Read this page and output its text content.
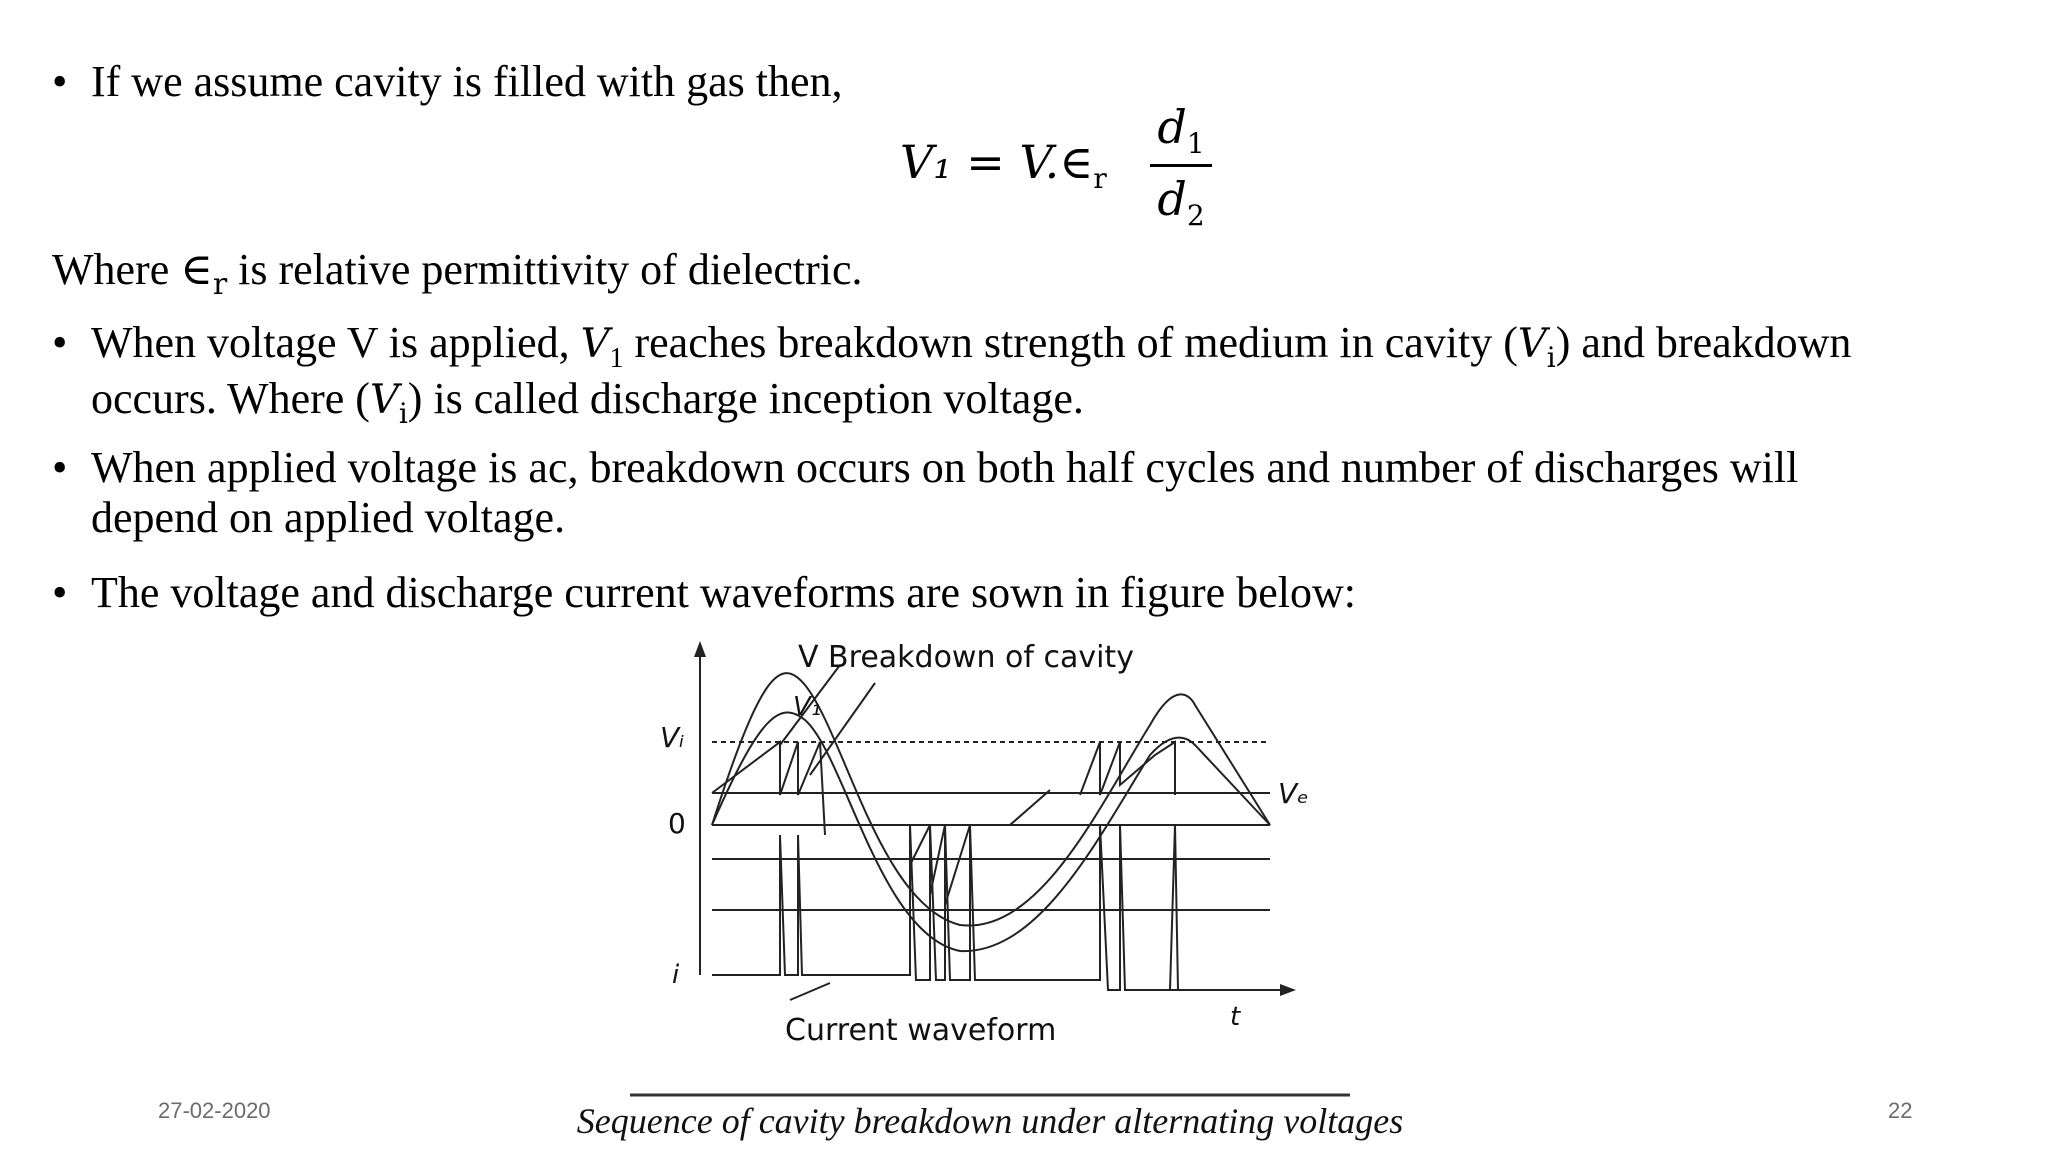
• If we assume cavity is filled with gas then,
$V_1 = V.\in_r$
$d_1$
$d_2$
Where $\in_r$ is relative permittivity of dielectric.
• When voltage V is applied, $V_1$ reaches breakdown strength of medium in cavity $(V_i)$ and breakdown
occurs. Where $(V_i)$ is called discharge inception voltage.
• When applied voltage is ac, breakdown occurs on both half cycles and number of discharges will
depend on applied voltage.
• The voltage and discharge current waveforms are sown in figure below:
V Breakdown of cavity
V₁
Vᵢ
0
Vₑ
i
t
Current waveform
Sequence of cavity breakdown under alternating voltages
27-02-2020	22
